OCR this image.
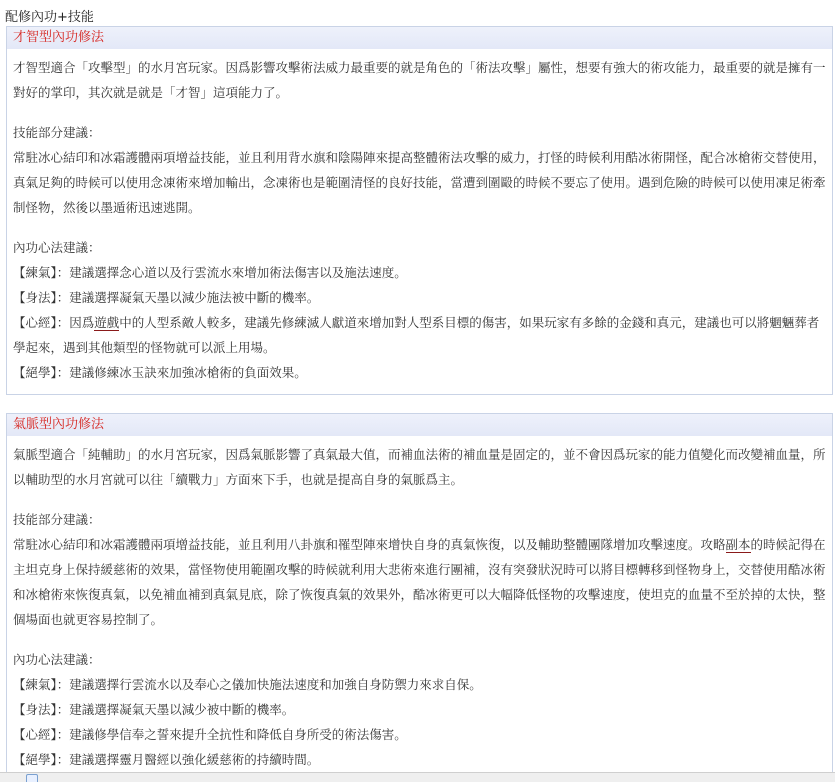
配修內功+技能
才智型內功修法

才智型適合「攻擊型」的水月宮玩家。因爲影響攻擊術法威力最重要的就是角色的「術法攻擊」屬性，想要有強大的術攻能力，最重要的就是擁有一對好的掌印，其次就是就是「才智」這項能力了。

技能部分建議：

常駐冰心結印和冰霜護體兩項增益技能，並且利用背水旗和陰陽陣來提高整體術法攻擊的威力，打怪的時候利用酷冰術開怪，配合冰槍術交替使用，真氣足夠的時候可以使用念凍術來增加輸出，念凍術也是範圍清怪的良好技能，當遭到圍毆的時候不要忘了使用。遇到危險的時候可以使用凍足術牽制怪物，然後以墨遁術迅速逃開。

內功心法建議：

【練氣】：建議選擇念心道以及行雲流水來增加術法傷害以及施法速度。

【身法】：建議選擇凝氣天墨以減少施法被中斷的機率。

【心經】：因爲遊戲中的人型系敵人較多，建議先修練滅人獻道來增加對人型系目標的傷害，如果玩家有多餘的金錢和真元，建議也可以將魍魎葬者學起來，遇到其他類型的怪物就可以派上用場。

【絕學】：建議修練冰玉訣來加強冰槍術的負面效果。

氣脈型內功修法

氣脈型適合「純輔助」的水月宮玩家，因爲氣脈影響了真氣最大值，而補血法術的補血量是固定的，並不會因爲玩家的能力值變化而改變補血量，所以輔助型的水月宮就可以往「續戰力」方面來下手，也就是提高自身的氣脈爲主。

技能部分建議：

常駐冰心結印和冰霜護體兩項增益技能，並且利用八卦旗和罹型陣來增快自身的真氣恢復，以及輔助整體團隊增加攻擊速度。攻略副本的時候記得在主坦克身上保持緩慈術的效果，當怪物使用範圍攻擊的時候就利用大悲術來進行團補，沒有突發狀況時可以將目標轉移到怪物身上，交替使用酷冰術和冰槍術來恢復真氣，以免補血補到真氣見底，除了恢復真氣的效果外，酷冰術更可以大幅降低怪物的攻擊速度，使坦克的血量不至於掉的太快，整個場面也就更容易控制了。

內功心法建議：

【練氣】：建議選擇行雲流水以及奉心之儀加快施法速度和加強自身防禦力來求自保。

【身法】：建議選擇凝氣天墨以減少被中斷的機率。

【心經】：建議修學信奉之誓來提升全抗性和降低自身所受的術法傷害。

【絕學】：建議選擇靈月醫經以強化緩慈術的持續時間。
